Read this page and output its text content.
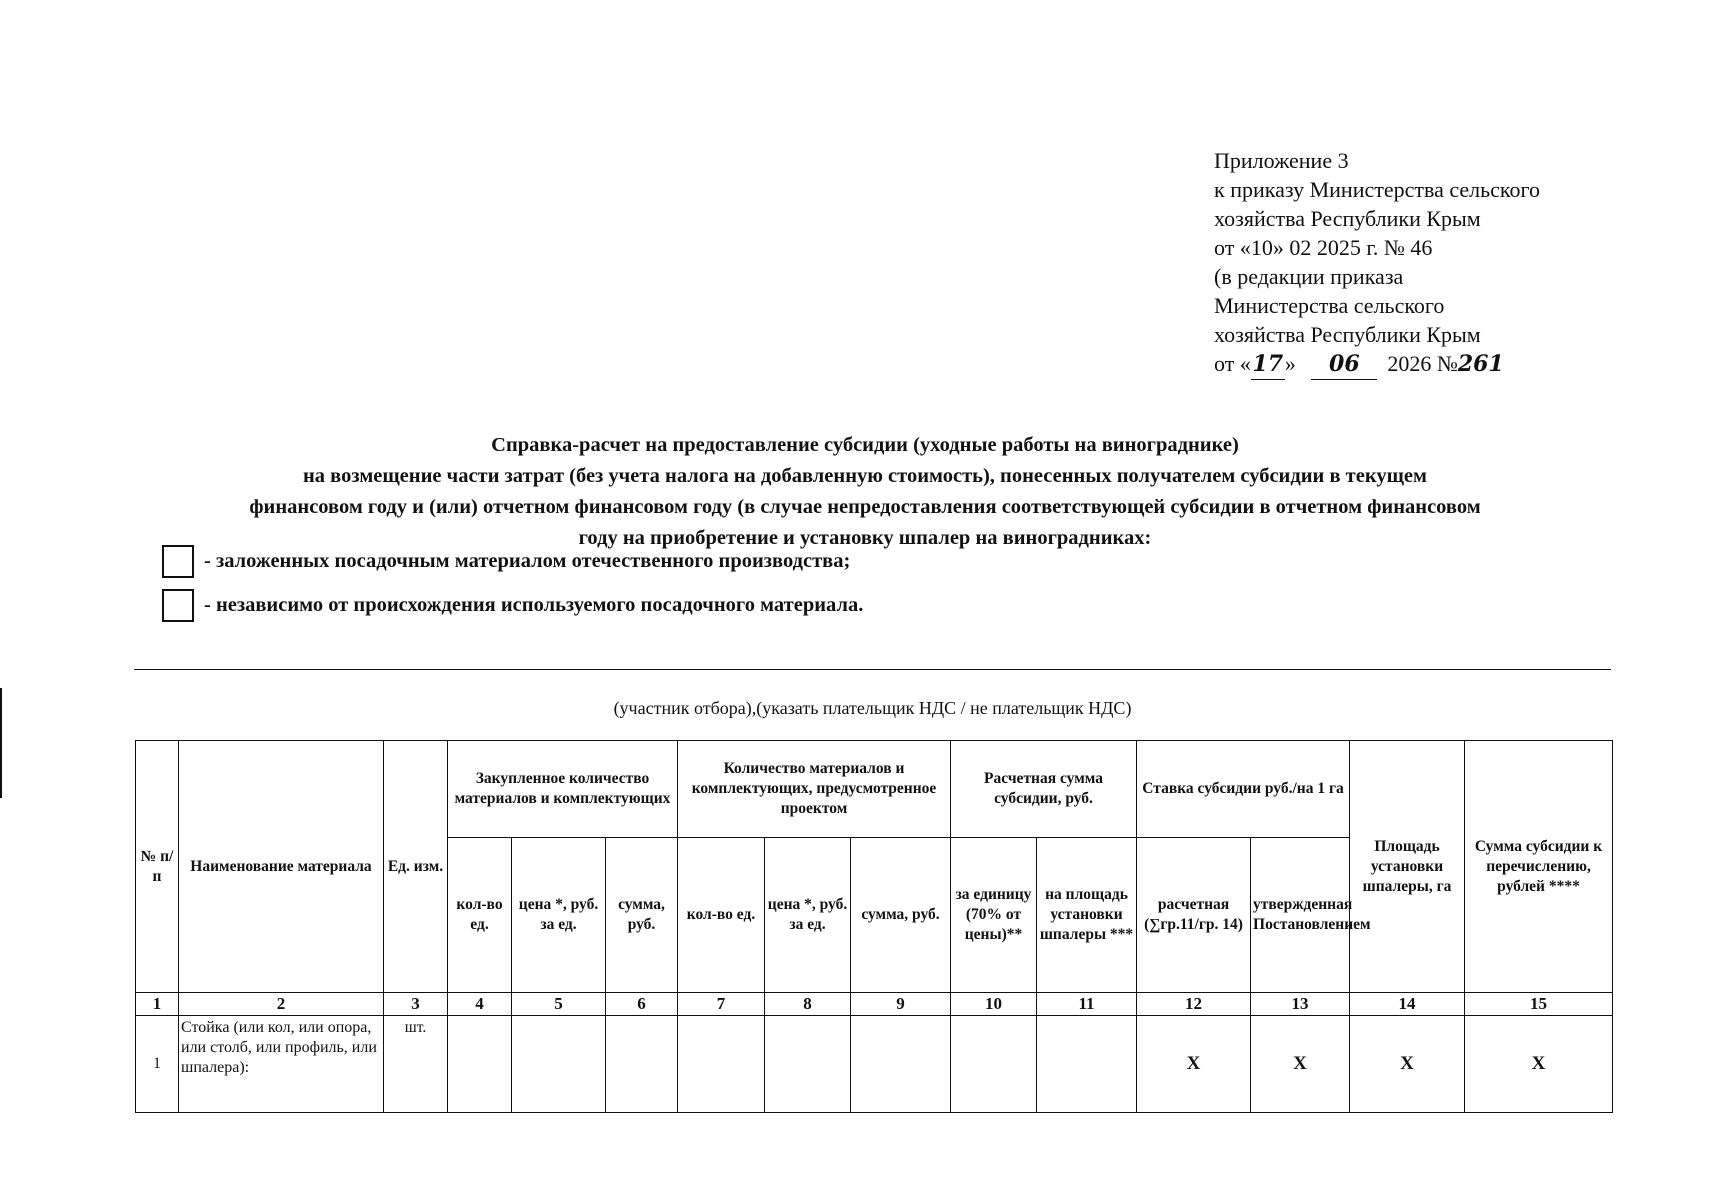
Приложение 3
к приказу Министерства сельского
хозяйства Республики Крым
от «10» 02 2025 г. № 46
(в редакции приказа
Министерства сельского
хозяйства Республики Крым
от «17» 06 2026 №261
Справка-расчет на предоставление субсидии (уходные работы на винограднике)
на возмещение части затрат (без учета налога на добавленную стоимость), понесенных получателем субсидии в текущем
финансовом году и (или) отчетном финансовом году (в случае непредоставления соответствующей субсидии в отчетном финансовом
году на приобретение и установку шпалер на виноградниках:
- заложенных посадочным материалом отечественного производства;
- независимо от происхождения используемого посадочного материала.
(участник отбора),(указать плательщик НДС / не плательщик НДС)
№ п/п	Наименование материала	Ед. изм.	Закупленное количество материалов и комплектующих			Количество материалов и комплектующих, предусмотренное проектом			Расчетная сумма субсидии, руб.		Ставка субсидии руб./на 1 га		Площадь установки шпалеры, га	Сумма субсидии к перечислению, рублей ****
			кол-во ед.	цена *, руб. за ед.	сумма, руб.	кол-во ед.	цена *, руб. за ед.	сумма, руб.	за единицу (70% от цены)**	на площадь установки шпалеры ***	расчетная (∑гр.11/гр. 14)	утвержденная Постановлением		
1	2	3	4	5	6	7	8	9	10	11	12	13	14	15
1	Стойка (или кол, или опора, или столб, или профиль, или шпалера):	шт.									Х	Х	Х	Х
